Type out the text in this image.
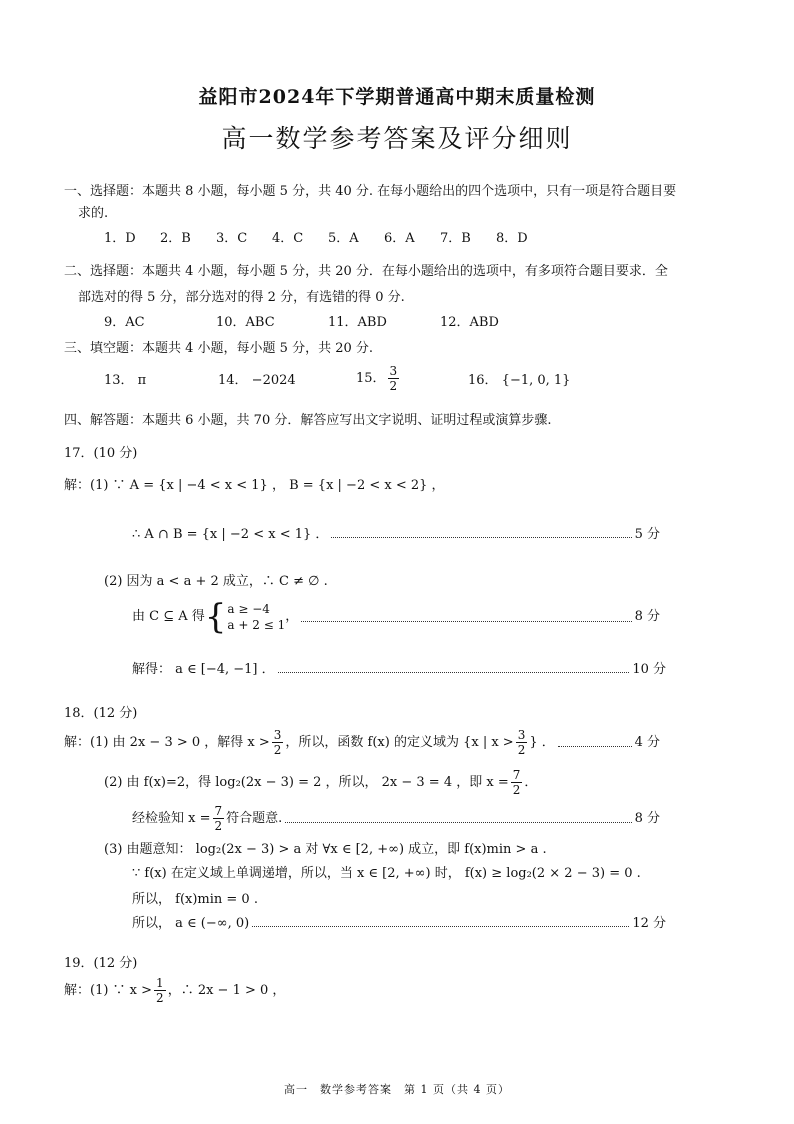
益阳市2024年下学期普通高中期末质量检测
高一数学参考答案及评分细则
一、选择题：本题共 8 小题，每小题 5 分，共 40 分. 在每小题给出的四个选项中，只有一项是符合题目要
求的.
1．D 2．B 3．C 4．C 5．A 6．A 7．B 8．D
二、选择题：本题共 4 小题，每小题 5 分，共 20 分．在每小题给出的选项中，有多项符合题目要求．全
部选对的得 5 分，部分选对的得 2 分，有选错的得 0 分.
9．AC	10．ABC	11．ABD	12．ABD
三、填空题：本题共 4 小题，每小题 5 分，共 20 分.
13． π	14． −2024	15． $\frac{3}{2}$	16． {−1, 0, 1}
四、解答题：本题共 6 小题，共 70 分．解答应写出文字说明、证明过程或演算步骤.
17．(10 分)
解：(1) ∵ A = {x | −4 < x < 1} ， B = {x | −2 < x < 2} ，
∴ A ∩ B = {x | −2 < x < 1} ．	5 分
(2) 因为 a < a + 2 成立，∴ C ≠ ∅ .
由 C ⊆ A 得 { a ≥ −4
a + 2 ≤ 1
，	8 分
解得： a ∈ [−4, −1] ．	10 分
18．(12 分)
解：(1) 由 2x − 3 > 0 ，解得 $x > \frac{3}{2}$ ，所以，函数 f(x) 的定义域为 {x | $x > \frac{3}{2}$ } ．	4 分
(2) 由 f(x)=2，得 log₂(2x − 3) = 2 ，所以， 2x − 3 = 4 ，即 $x = \frac{7}{2}$ ．
经检验知 $x = \frac{7}{2}$ 符合题意.	8 分
(3) 由题意知： log₂(2x − 3) > a 对 ∀x ∈ [2, +∞) 成立，即 f(x)min > a .
∵ f(x) 在定义域上单调递增，所以，当 x ∈ [2, +∞) 时， f(x) ≥ log₂(2 × 2 − 3) = 0 .
所以， f(x)min = 0 .
所以， a ∈ (−∞, 0)	12 分
19．(12 分)
解：(1) ∵ $x > \frac{1}{2}$ ，∴ 2x − 1 > 0 ，
高一　数学参考答案　第 1 页（共 4 页）
